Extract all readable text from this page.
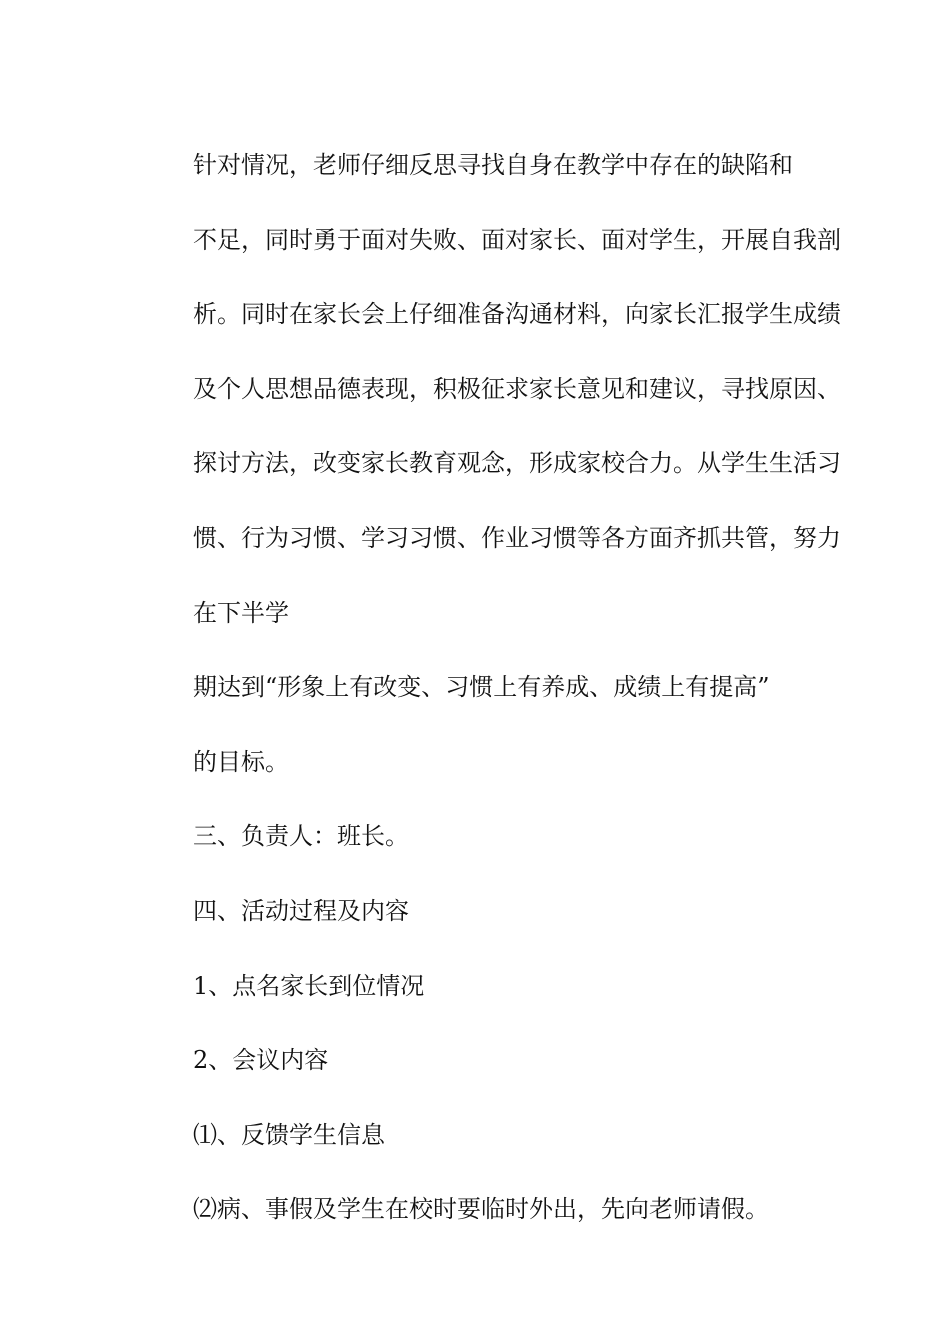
针对情况，老师仔细反思寻找自身在教学中存在的缺陷和
不足，同时勇于面对失败、面对家长、面对学生，开展自我剖
析。同时在家长会上仔细准备沟通材料，向家长汇报学生成绩
及个人思想品德表现，积极征求家长意见和建议，寻找原因、
探讨方法，改变家长教育观念，形成家校合力。从学生生活习
惯、行为习惯、学习习惯、作业习惯等各方面齐抓共管，努力
在下半学

期达到“形象上有改变、习惯上有养成、成绩上有提高”
的目标。

三、负责人：班长。

四、活动过程及内容

1、点名家长到位情况

2、会议内容

⑴、反馈学生信息

⑵病、事假及学生在校时要临时外出，先向老师请假。
